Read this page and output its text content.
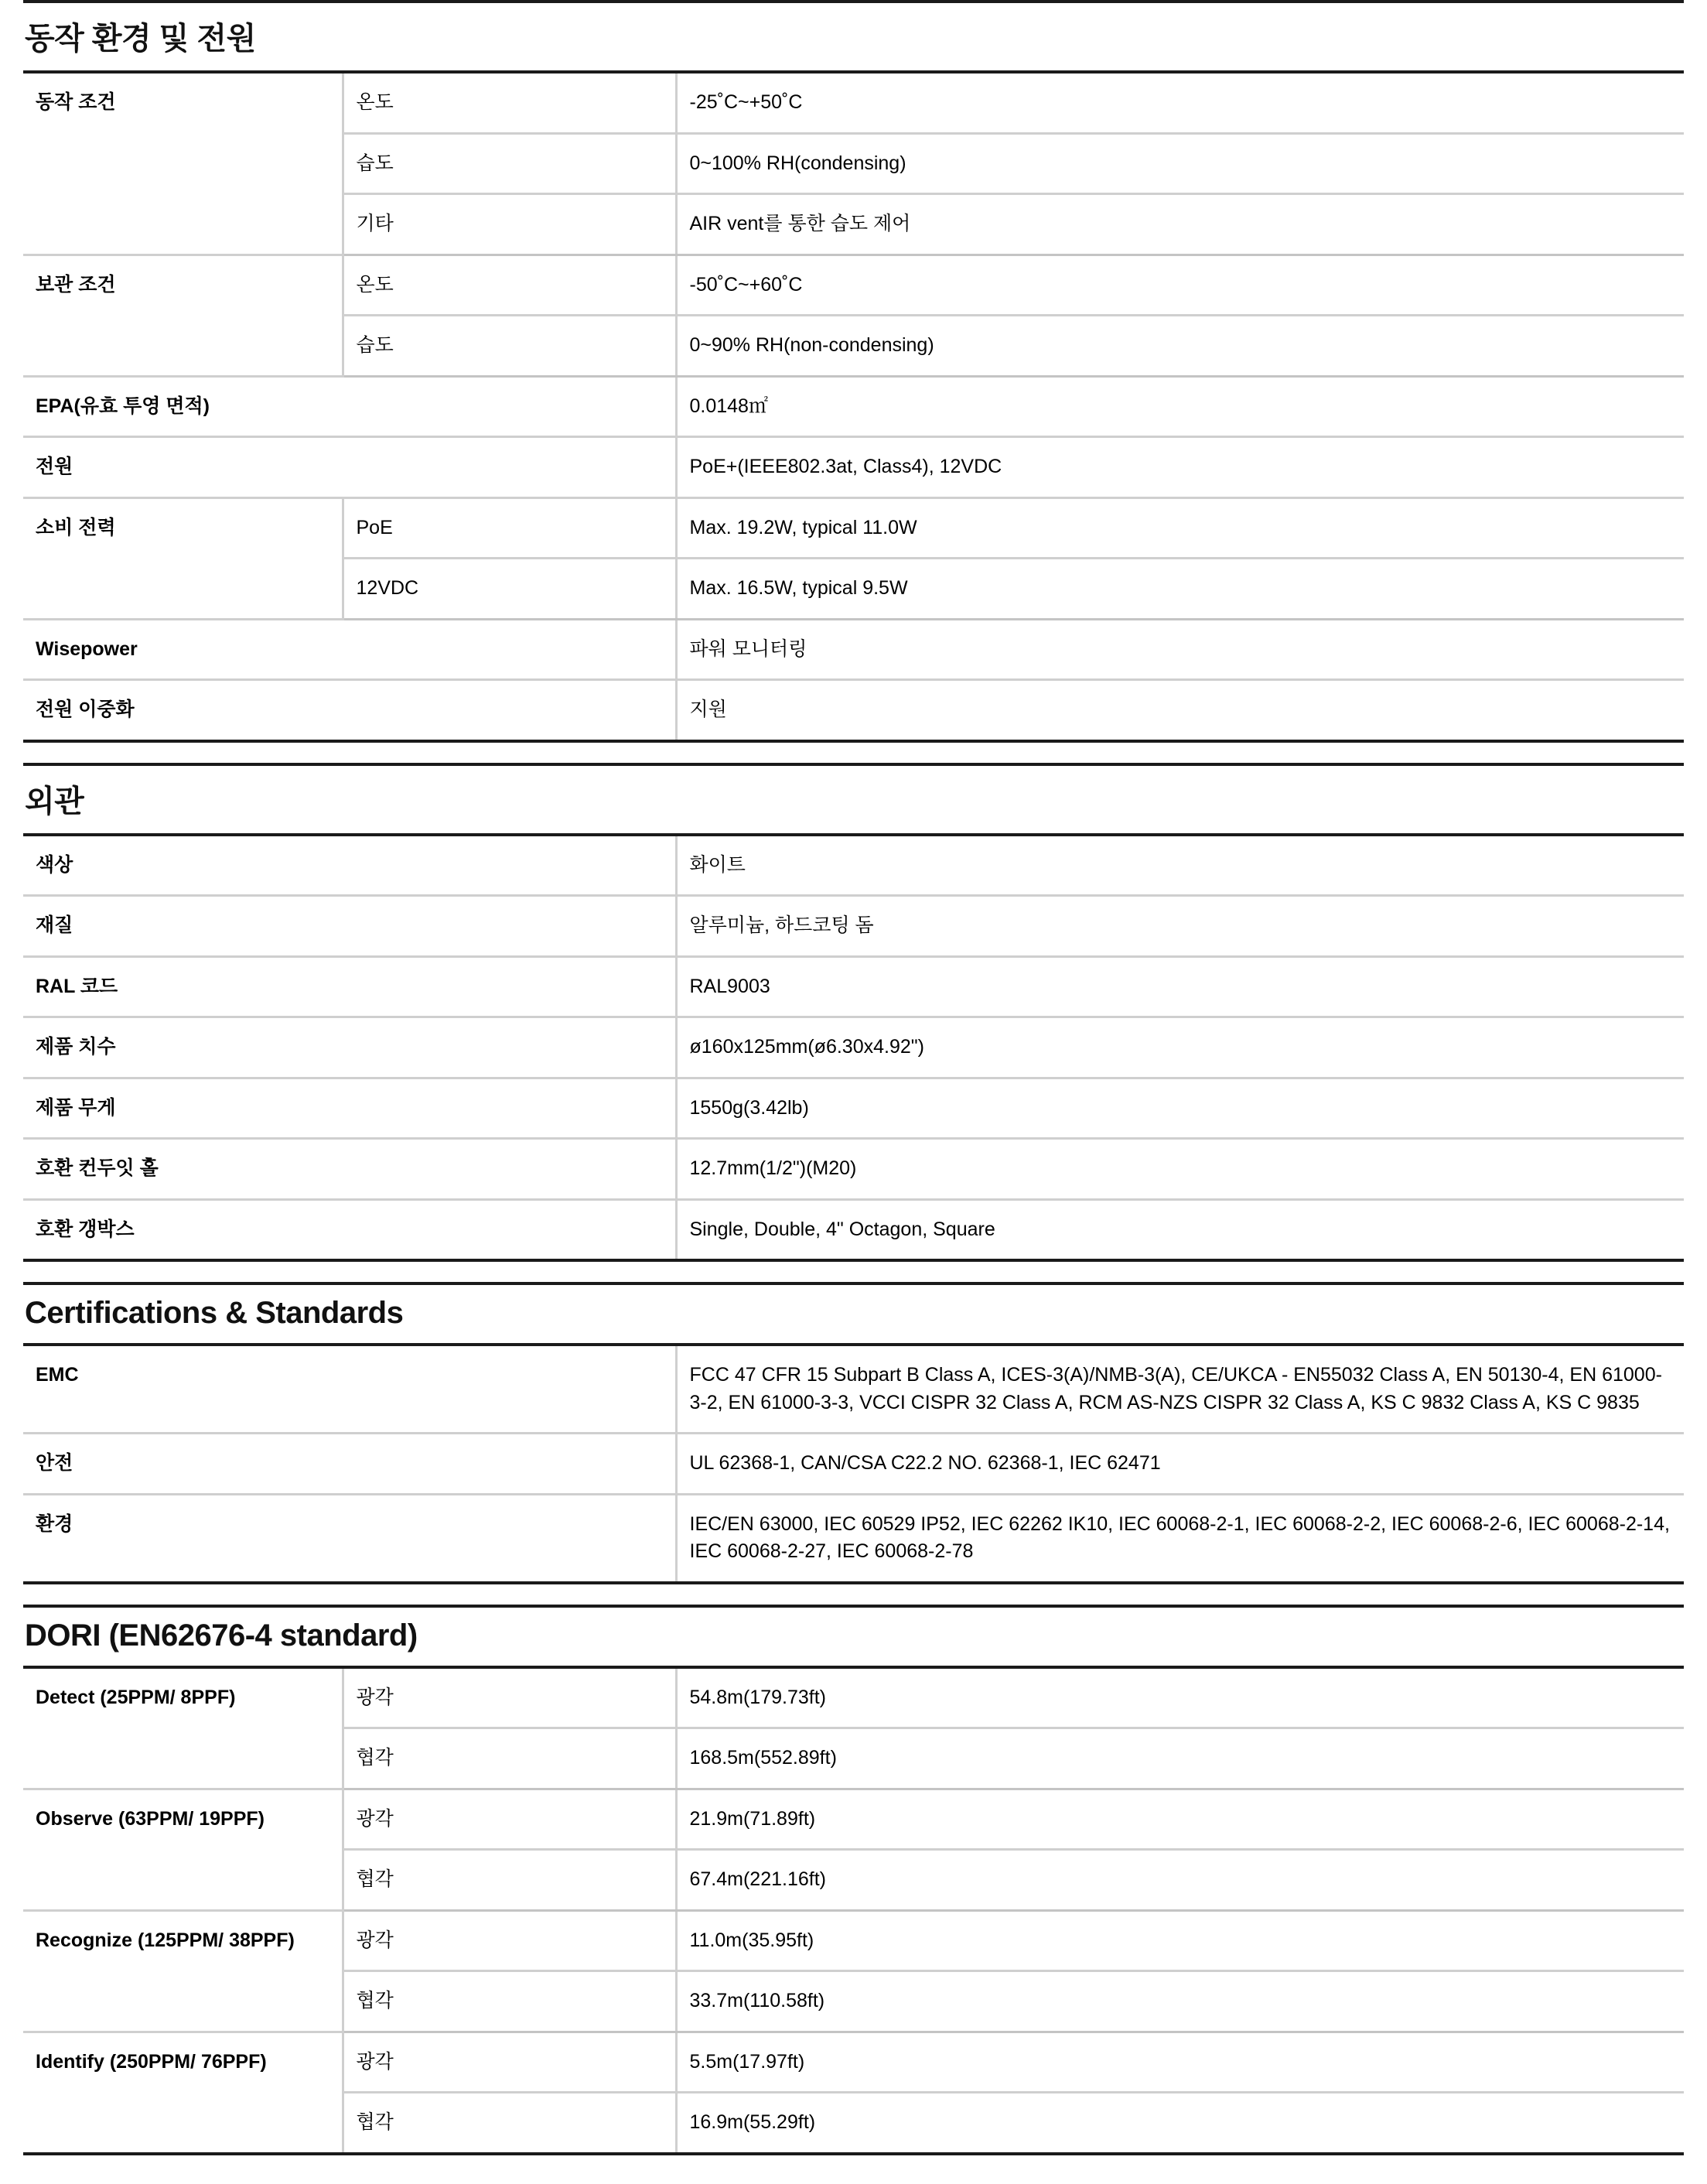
동작 환경 및 전원
동작 조건	온도	-25˚C~+50˚C
	습도	0~100% RH(condensing)
	기타	AIR vent를 통한 습도 제어
보관 조건	온도	-50˚C~+60˚C
	습도	0~90% RH(non-condensing)
EPA(유효 투영 면적)		0.0148㎡
전원		PoE+(IEEE802.3at, Class4), 12VDC
소비 전력	PoE	Max. 19.2W, typical 11.0W
	12VDC	Max. 16.5W, typical 9.5W
Wisepower		파워 모니터링
전원 이중화		지원
외관
색상	화이트
재질	알루미늄, 하드코팅 돔
RAL 코드	RAL9003
제품 치수	ø160x125mm(ø6.30x4.92")
제품 무게	1550g(3.42lb)
호환 컨두잇 홀	12.7mm(1/2")(M20)
호환 갱박스	Single, Double, 4" Octagon, Square
Certifications & Standards
EMC	FCC 47 CFR 15 Subpart B Class A, ICES-3(A)/NMB-3(A), CE/UKCA - EN55032 Class A, EN 50130-4, EN 61000-3-2, EN 61000-3-3, VCCI CISPR 32 Class A, RCM AS-NZS CISPR 32 Class A, KS C 9832 Class A, KS C 9835
안전	UL 62368-1, CAN/CSA C22.2 NO. 62368-1, IEC 62471
환경	IEC/EN 63000, IEC 60529 IP52, IEC 62262 IK10, IEC 60068-2-1, IEC 60068-2-2, IEC 60068-2-6, IEC 60068-2-14, IEC 60068-2-27, IEC 60068-2-78
DORI (EN62676-4 standard)
Detect (25PPM/ 8PPF)	광각	54.8m(179.73ft)
	협각	168.5m(552.89ft)
Observe (63PPM/ 19PPF)	광각	21.9m(71.89ft)
	협각	67.4m(221.16ft)
Recognize (125PPM/ 38PPF)	광각	11.0m(35.95ft)
	협각	33.7m(110.58ft)
Identify (250PPM/ 76PPF)	광각	5.5m(17.97ft)
	협각	16.9m(55.29ft)
